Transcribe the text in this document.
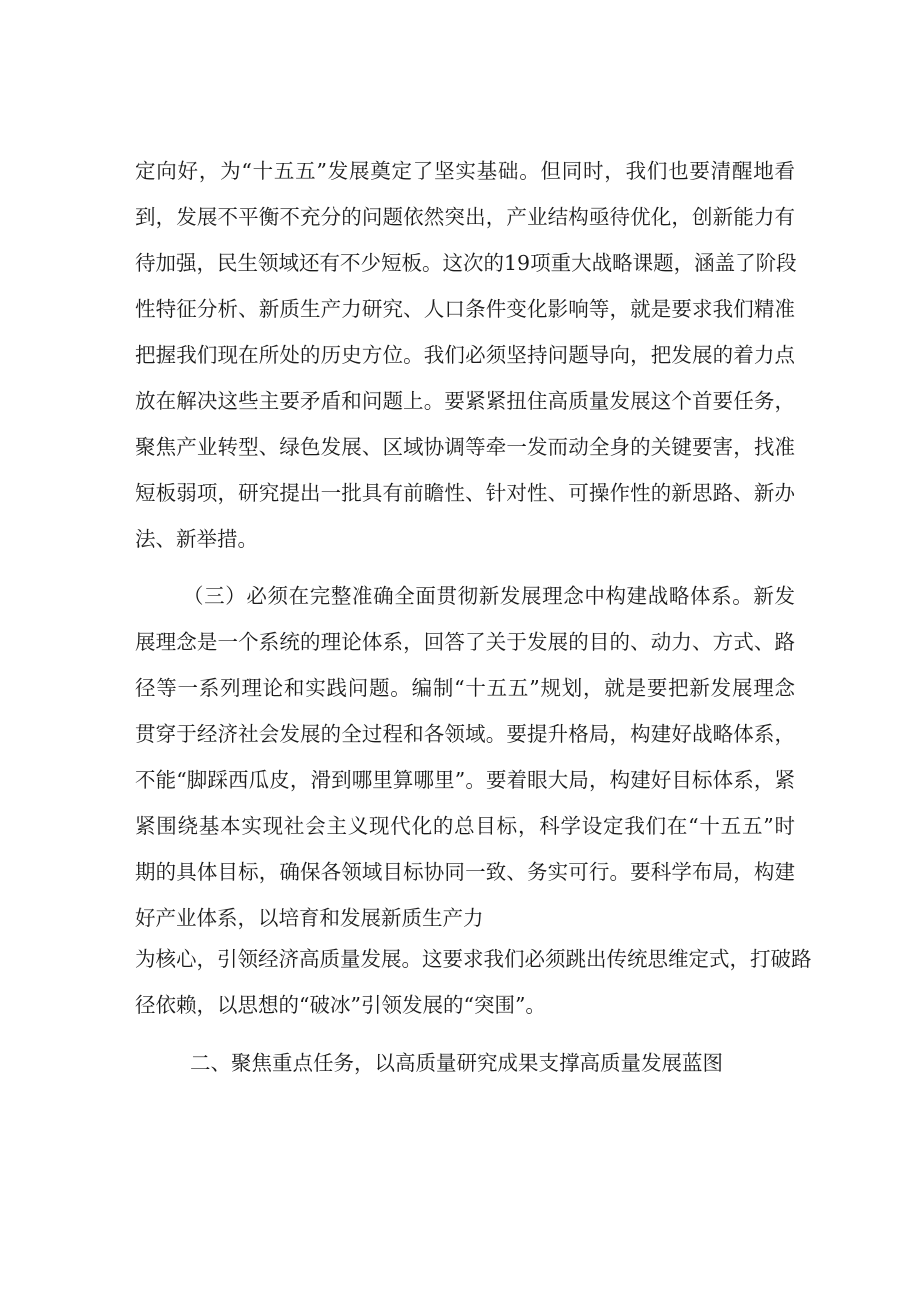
定向好，为“十五五”发展奠定了坚实基础。但同时，我们也要清醒地看
到，发展不平衡不充分的问题依然突出，产业结构亟待优化，创新能力有
待加强，民生领域还有不少短板。这次的19项重大战略课题，涵盖了阶段
性特征分析、新质生产力研究、人口条件变化影响等，就是要求我们精准
把握我们现在所处的历史方位。我们必须坚持问题导向，把发展的着力点
放在解决这些主要矛盾和问题上。要紧紧扭住高质量发展这个首要任务，
聚焦产业转型、绿色发展、区域协调等牵一发而动全身的关键要害，找准
短板弱项，研究提出一批具有前瞻性、针对性、可操作性的新思路、新办
法、新举措。
（三）必须在完整准确全面贯彻新发展理念中构建战略体系。新发
展理念是一个系统的理论体系，回答了关于发展的目的、动力、方式、路
径等一系列理论和实践问题。编制“十五五”规划，就是要把新发展理念
贯穿于经济社会发展的全过程和各领域。要提升格局，构建好战略体系，
不能“脚踩西瓜皮，滑到哪里算哪里”。要着眼大局，构建好目标体系，紧
紧围绕基本实现社会主义现代化的总目标，科学设定我们在“十五五”时
期的具体目标，确保各领域目标协同一致、务实可行。要科学布局，构建
好产业体系，以培育和发展新质生产力
为核心，引领经济高质量发展。这要求我们必须跳出传统思维定式，打破路
径依赖，以思想的“破冰”引领发展的“突围”。
二、聚焦重点任务，以高质量研究成果支撑高质量发展蓝图
